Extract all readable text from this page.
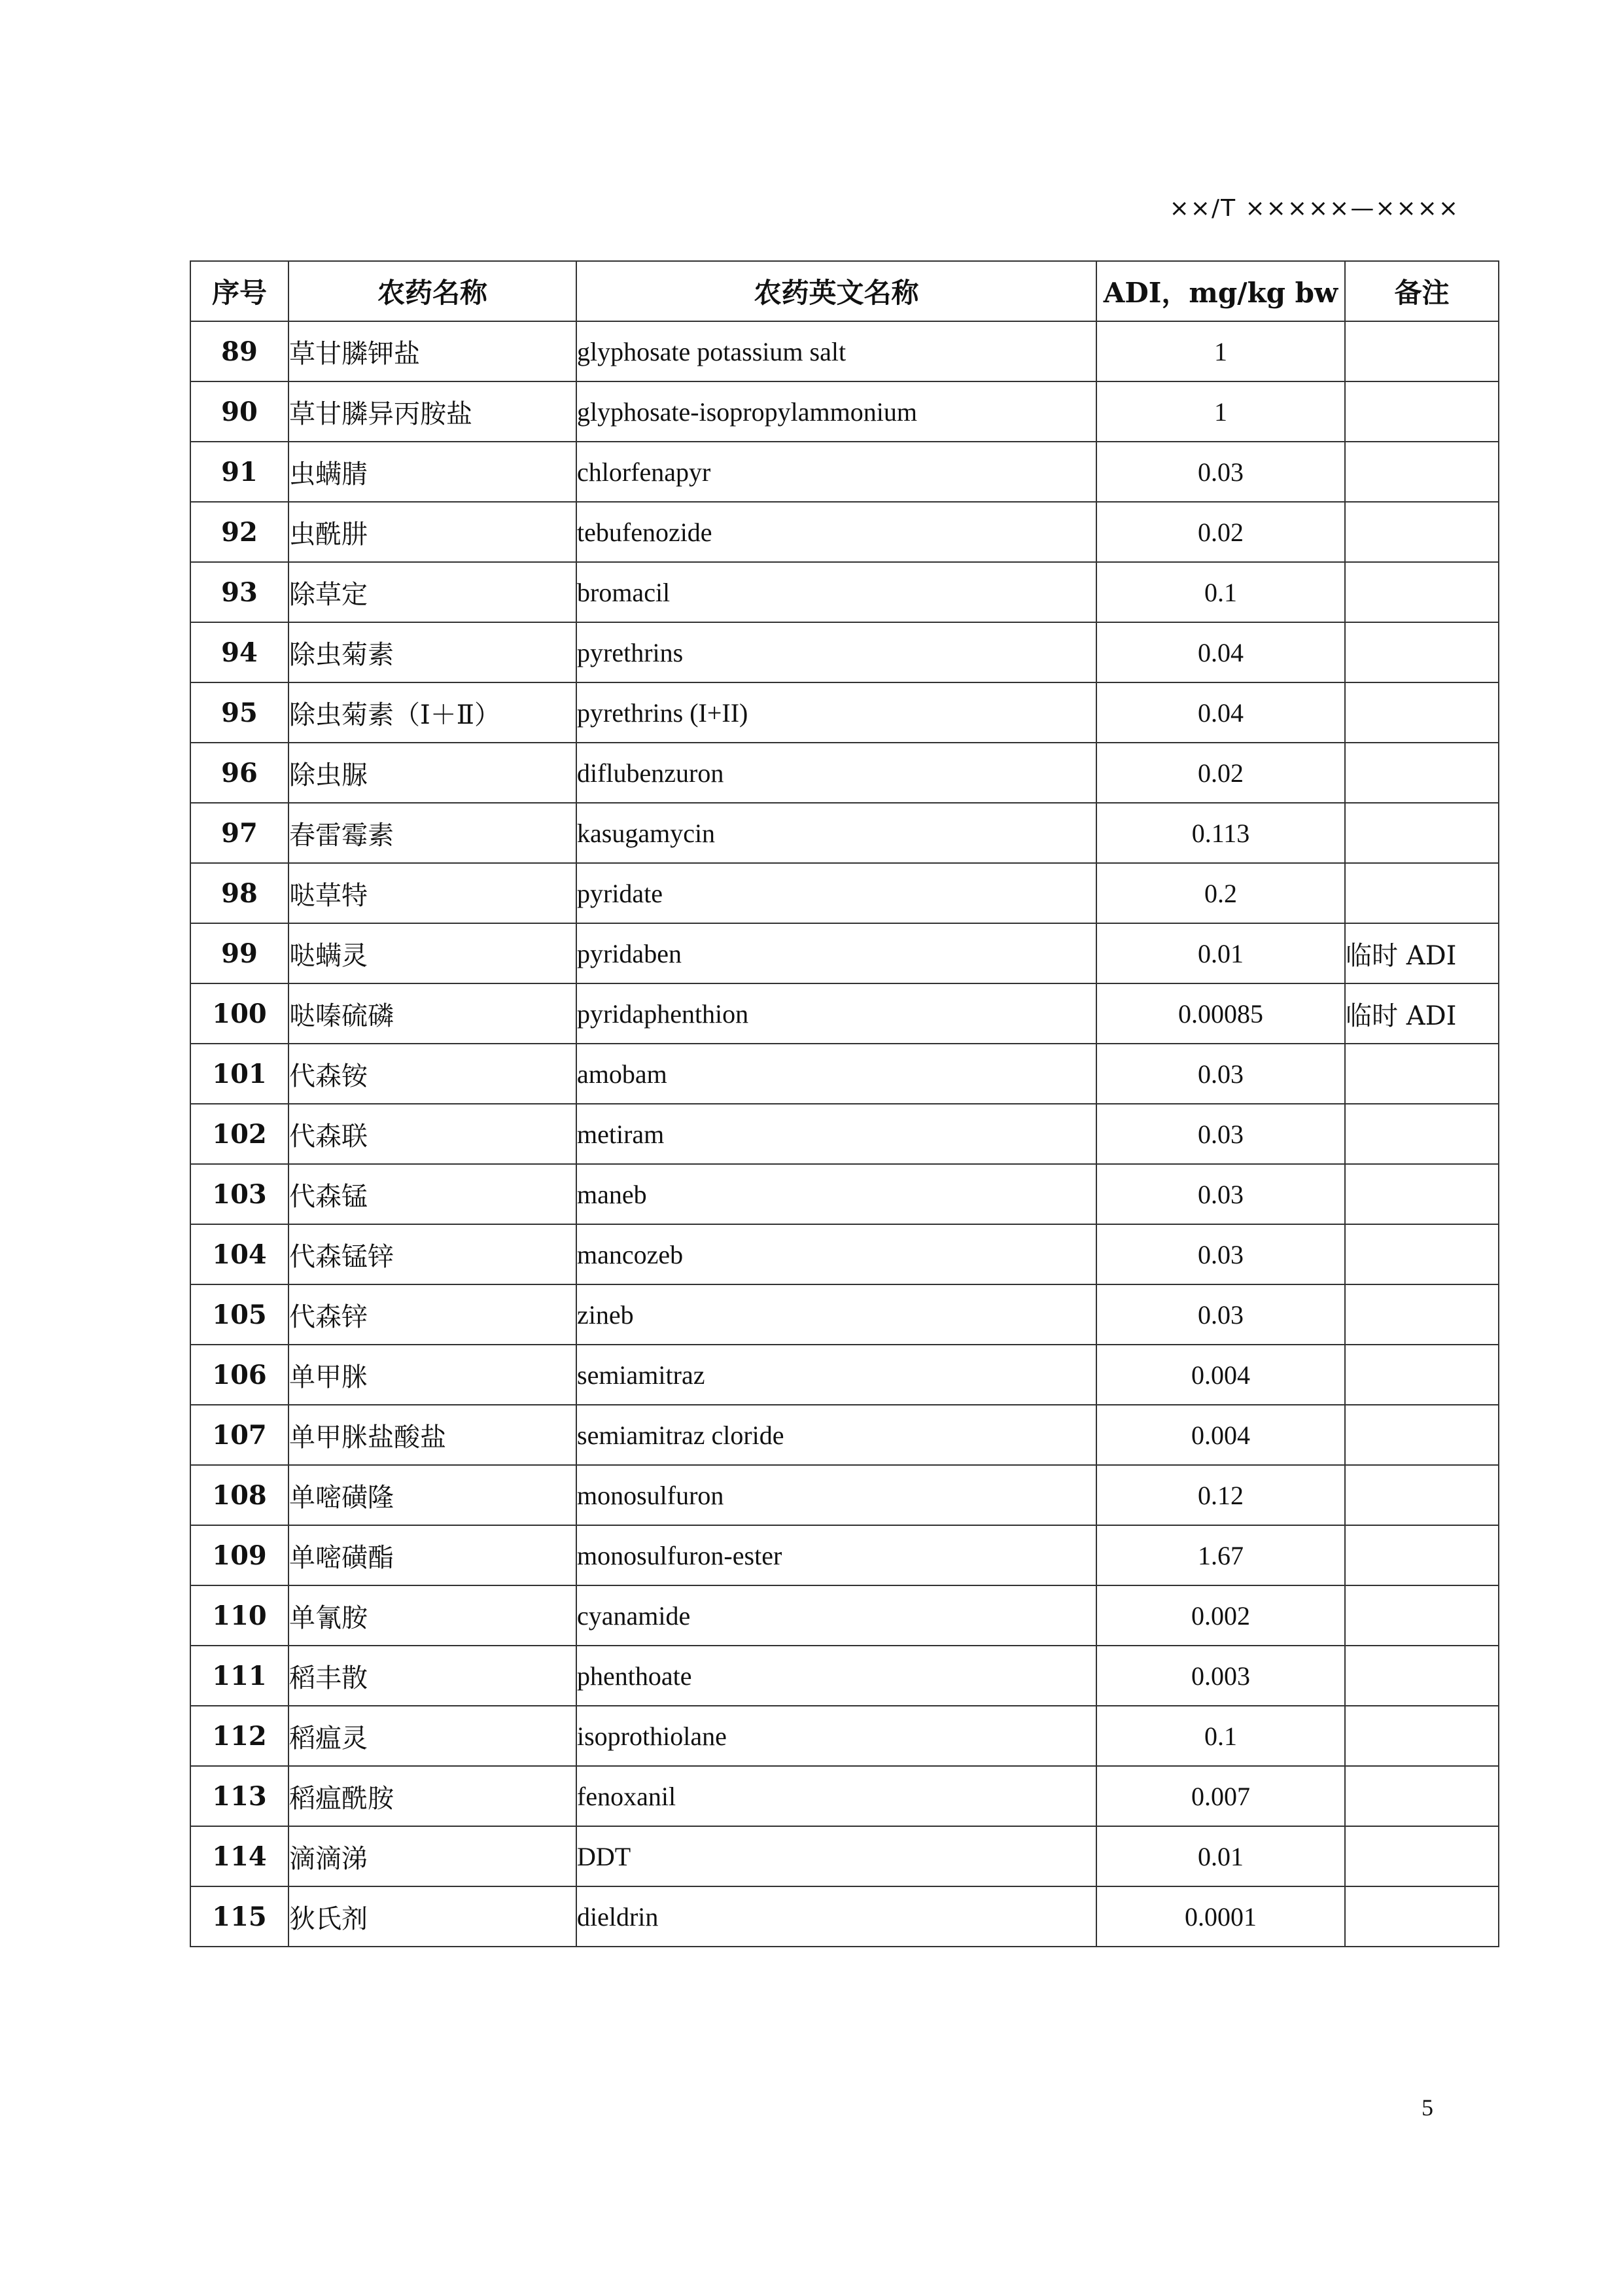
××/T ×××××—××××
序号	农药名称	农药英文名称	ADI，mg/kg bw	备注
89	草甘膦钾盐	glyphosate potassium salt	1	
90	草甘膦异丙胺盐	glyphosate-isopropylammonium	1	
91	虫螨腈	chlorfenapyr	0.03	
92	虫酰肼	tebufenozide	0.02	
93	除草定	bromacil	0.1	
94	除虫菊素	pyrethrins	0.04	
95	除虫菊素（Ⅰ＋Ⅱ）	pyrethrins (I+II)	0.04	
96	除虫脲	diflubenzuron	0.02	
97	春雷霉素	kasugamycin	0.113	
98	哒草特	pyridate	0.2	
99	哒螨灵	pyridaben	0.01	临时 ADI
100	哒嗪硫磷	pyridaphenthion	0.00085	临时 ADI
101	代森铵	amobam	0.03	
102	代森联	metiram	0.03	
103	代森锰	maneb	0.03	
104	代森锰锌	mancozeb	0.03	
105	代森锌	zineb	0.03	
106	单甲脒	semiamitraz	0.004	
107	单甲脒盐酸盐	semiamitraz cloride	0.004	
108	单嘧磺隆	monosulfuron	0.12	
109	单嘧磺酯	monosulfuron-ester	1.67	
110	单氰胺	cyanamide	0.002	
111	稻丰散	phenthoate	0.003	
112	稻瘟灵	isoprothiolane	0.1	
113	稻瘟酰胺	fenoxanil	0.007	
114	滴滴涕	DDT	0.01	
115	狄氏剂	dieldrin	0.0001	
5
